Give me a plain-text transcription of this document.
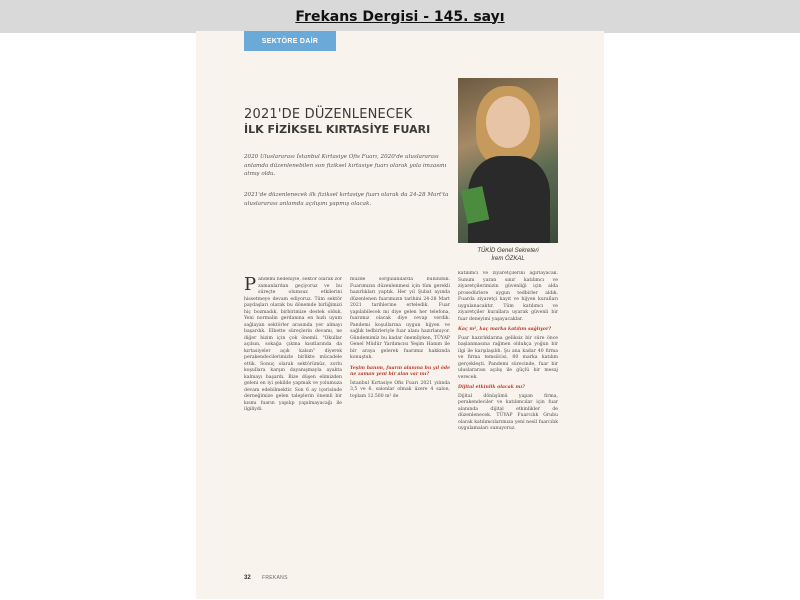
Frekans Dergisi - 145. sayı
SEKTÖRE DAİR
2021'DE DÜZENLENECEK
İLK FİZİKSEL KIRTASİYE FUARI

2020 Uluslararası İstanbul Kırtasiye Ofis Fuarı, 2020'de uluslararası anlamda düzenlenebilen son fiziksel kırtasiye fuarı olarak yola imzasını atmış oldu.

2021'de düzenlenecek ilk fiziksel kırtasiye fuarı olarak da 24-28 Mart'ta uluslararası anlamda açılışını yapmış olacak.

TÜKİD Genel Sekreteri
İrem ÖZKAL
P andemi nedeniyle, sektör olarak zor zamanlardan geçiyoruz ve bu süreçte olumsuz etkilerini hissetmeye devam ediyoruz. Tüm sektör paydaşları olarak bu dönemde birliğimizi hiç bozmadık, birbirimize destek olduk. Yeni normalin gerdanına en hızlı uyum sağlayan sektörler arasında yer almayı başardık. Elbette süreçlerin devamı, ne diğer bizim için çok önemli. "Okullar açılsın, sokağa çıkma kısıtlarında da kırtasiyeler açık kalsın" diyerek perakendecilerimizle birlikte mücadele ettik. Sonuç olarak sektörümüz, zorlu koşullara karşın dayanışmayla ayakta kalmayı başardı. Bize düşen elimizden geleni en iyi şekilde yapmak ve yolumuza devam edebilmektir. Son 6 ay içerisinde derneğimize gelen taleplerin önemli bir kısmı fuarın yapılıp yapılmayacağı ile ilgiliydi.
müzde sorgulanılarda bulunduk. Fuarımızın düzenlenmesi için tüm gerekli hazırlıkları yaptık. Her yıl Şubat ayında düzenlenen fuarımızın tarihini 24-28 Mart 2021 tarihlerine erteledik. Fuar yapılabilecek mi diye gelen her telefona, fuarımız olacak diye cevap verdik. Pandemi koşullarına uygun hijyen ve sağlık tedbirleriyle fuar alanı hazırlanıyor. Gündemimiz bu kadar önemliyken, TÜYAP Genel Müdür Yardımcısı Yeşim Hanım ile bir araya gelerek fuarımız hakkında konuştuk.
Yeşim hanım, fuarın alanına bu yıl öde ne zaman yeni bir alan var mı?
İstanbul Kırtasiye Ofis Fuarı 2021 yılında 3,5 ve 6. salonlar olmak üzere 4 salon, toplam 12.500 m² de
katılımcı ve ziyaretçilerini ağırlayacak. Sunum yaran sınır katılımcı ve ziyaretçilerimizin güvenliği için alda prosedürlere uygun tedbirler aldık. Fuarda ziyaretçi kayıt ve hijyen kuralları uygulanacaktır. Tüm katılımcı ve ziyaretçiler kurallara uyarak güvenli bir fuar deneyimi yaşayacaklar.
Kaç m², kaç marka katılım sağlıyor?
Fuar hazırlıklarına geliksiz bir süre önce başlanmasına rağmen oldukça yoğun bir ilgi ile karşılaşıldı. Şu ana kadar 40 firma ve firma temsilcisi, 80 marka katılım gerçekleşti. Pandemi sürecinde, fuar bir uluslararası açılış ile güçlü bir mesaj verecek.
Dijital etkinlik olacak mı?
Dijital dönüşümü yapan firma, perakendeciler ve katılımcılar için fuar alanında dijital etkinlikler de düzenlenecek. TÜYAP Fuarcılık Grubu olarak katılımcılarımıza yeni nesil fuarcılık uygulamaları sunuyoruz.
32 FREKANS
